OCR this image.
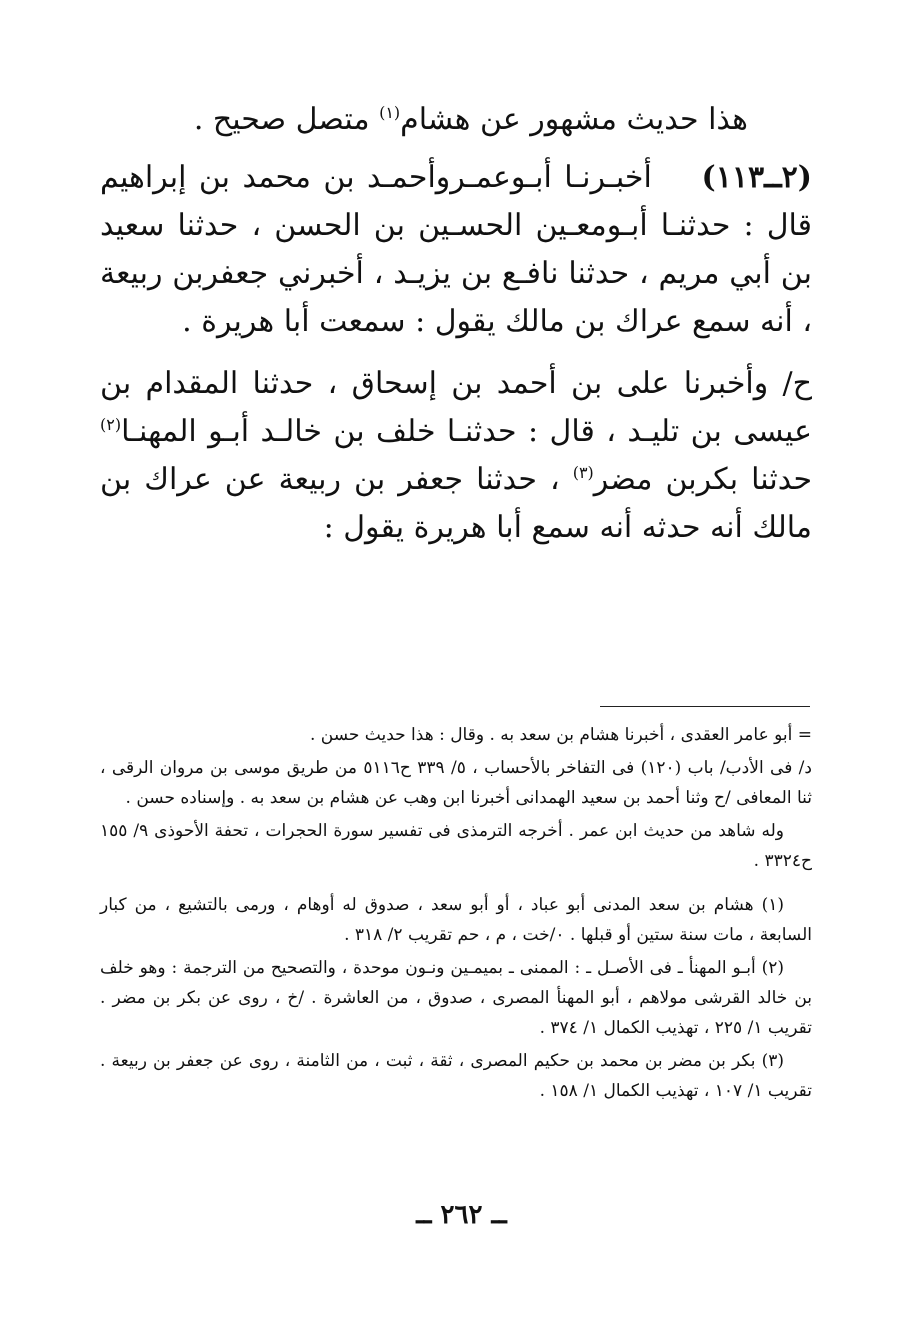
هذا حديث مشهور عن هشام$^{(١)}$ متصل صحيح .

(٢ــ١١٣)    أخبـرنـا أبـوعمـروأحمـد بن محمد بن إبراهيم قال : حدثنـا أبـومعـين الحسـين بن الحسن ، حدثنا سعيد بن أبي مريم ، حدثنا نافـع بن يزيـد ، أخبرني جعفربن ربيعة ، أنه سمع عراك بن مالك يقول : سمعت أبا هريرة .

ح/ وأخبرنا على بن أحمد بن إسحاق ، حدثنا المقدام بن عيسى بن تليـد ، قال : حدثنـا خلف بن خالـد أبـو المهنـا$^{(٢)}$ حدثنا بكربن مضر$^{(٣)}$ ، حدثنا جعفر بن ربيعة عن عراك بن مالك أنه حدثه أنه سمع أبا هريرة يقول :

= أبو عامر العقدى ، أخبرنا هشام بن سعد به . وقال : هذا حديث حسن .

د/ فى الأدب/ باب (١٢٠) فى التفاخر بالأحساب ، ٥/ ٣٣٩ ح٥١١٦ من طريق موسى بن مروان الرقى ، ثنا المعافى /ح وثنا أحمد بن سعيد الهمدانى أخبرنا ابن وهب عن هشام بن سعد به . وإسناده حسن .

وله شاهد من حديث ابن عمر . أخرجه الترمذى فى تفسير سورة الحجرات ، تحفة الأحوذى ٩/ ١٥٥ ح٣٣٢٤ .

(١) هشام بن سعد المدنى أبو عباد ، أو أبو سعد ، صدوق له أوهام ، ورمى بالتشيع ، من كبار السابعة ، مات سنة ستين أو قبلها . ٠/خت ، م ، حم تقريب ٢/ ٣١٨ .

(٢) أبـو المهنأ ـ فى الأصـل ـ : الممنى ـ بميمـين ونـون موحدة ، والتصحيح من الترجمة : وهو خلف بن خالد القرشى مولاهم ، أبو المهنأ المصرى ، صدوق ، من العاشرة . /خ ، روى عن بكر بن مضر . تقريب ١/ ٢٢٥ ، تهذيب الكمال ١/ ٣٧٤ .

(٣) بكر بن مضر بن محمد بن حكيم المصرى ، ثقة ، ثبت ، من الثامنة ، روى عن جعفر بن ربيعة . تقريب ١/ ١٠٧ ، تهذيب الكمال ١/ ١٥٨ .

ــ ٢٦٢ ــ
